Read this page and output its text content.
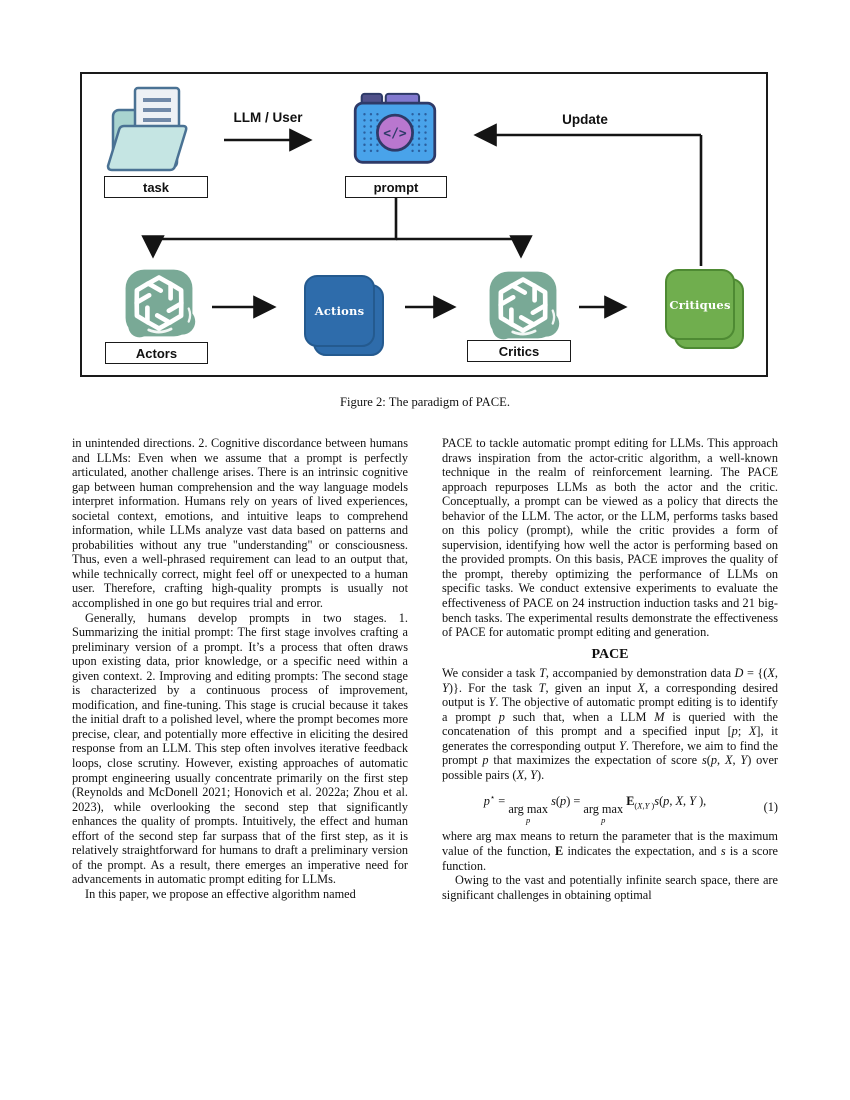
task
LLM / User
</>
prompt
Update
Actors
Actions
Critics
Critiques
Figure 2: The paradigm of PACE.

in unintended directions. 2. Cognitive discordance between humans and LLMs: Even when we assume that a prompt is perfectly articulated, another challenge arises. There is an intrinsic cognitive gap between human comprehension and the way language models interpret information. Humans rely on years of lived experiences, societal context, emotions, and intuitive leaps to comprehend information, while LLMs analyze vast data based on patterns and probabilities without any true "understanding" or consciousness. Thus, even a well-phrased requirement can lead to an output that, while technically correct, might feel off or unexpected to a human user. Therefore, crafting high-quality prompts is usually not accomplished in one go but requires trial and error.

Generally, humans develop prompts in two stages. 1. Summarizing the initial prompt: The first stage involves crafting a preliminary version of a prompt. It’s a process that often draws upon existing data, prior knowledge, or a specific need within a given context. 2. Improving and editing prompts: The second stage is characterized by a continuous process of improvement, modification, and fine-tuning. This stage is crucial because it takes the initial draft to a polished level, where the prompt becomes more precise, clear, and potentially more effective in eliciting the desired response from an LLM. This step often involves iterative feedback loops, close scrutiny. However, existing approaches of automatic prompt engineering usually concentrate primarily on the first step (Reynolds and McDonell 2021; Honovich et al. 2022a; Zhou et al. 2023), while overlooking the second step that significantly enhances the quality of prompts. Intuitively, the effect and human effort of the second step far surpass that of the first step, as it is relatively straightforward for humans to draft a preliminary version of the prompt. As a result, there emerges an imperative need for advancements in automatic prompt editing for LLMs.

In this paper, we propose an effective algorithm named

PACE to tackle automatic prompt editing for LLMs. This approach draws inspiration from the actor-critic algorithm, a well-known technique in the realm of reinforcement learning. The PACE approach repurposes LLMs as both the actor and the critic. Conceptually, a prompt can be viewed as a policy that directs the behavior of the LLM. The actor, or the LLM, performs tasks based on this policy (prompt), while the critic provides a form of supervision, identifying how well the actor is performing based on the provided prompts. On this basis, PACE improves the quality of the prompt, thereby optimizing the performance of LLMs on specific tasks. We conduct extensive experiments to evaluate the effectiveness of PACE on 24 instruction induction tasks and 21 big-bench tasks. The experimental results demonstrate the effectiveness of PACE for automatic prompt editing and generation.

PACE

We consider a task T, accompanied by demonstration data D = {(X, Y)}. For the task T, given an input X, a corresponding desired output is Y. The objective of automatic prompt editing is to identify a prompt p such that, when a LLM M is queried with the concatenation of this prompt and a specified input [p; X], it generates the corresponding output Y. Therefore, we aim to find the prompt p that maximizes the expectation of score s(p, X, Y) over possible pairs (X, Y).

p⋆ =
arg max
p
s(p) =
arg max
p
$E_{(X,Y )}s(p$, X, Y ),	(1)

where arg max means to return the parameter that is the maximum value of the function, E indicates the expectation, and s is a score function.

Owing to the vast and potentially infinite search space, there are significant challenges in obtaining optimal
